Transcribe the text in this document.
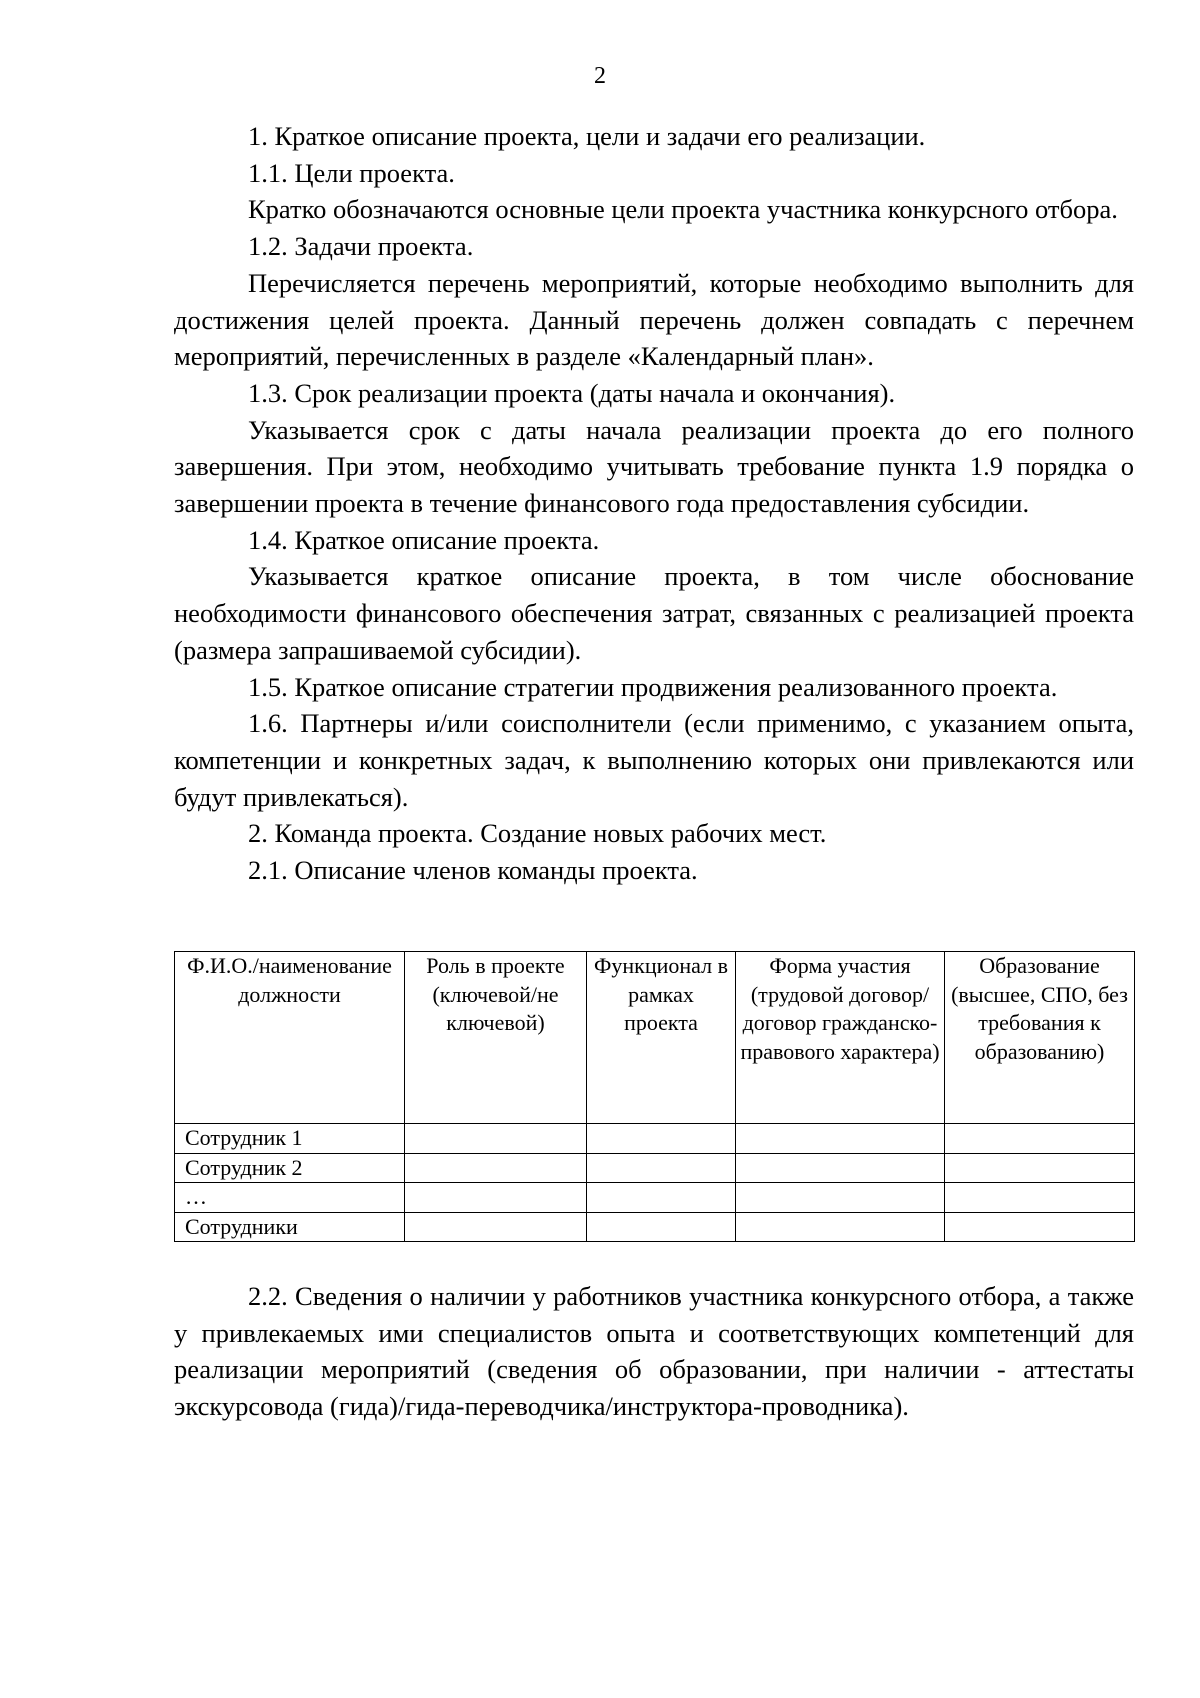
2

1. Краткое описание проекта, цели и задачи его реализации.

1.1. Цели проекта.

Кратко обозначаются основные цели проекта участника конкурсного отбора.

1.2. Задачи проекта.

Перечисляется перечень мероприятий, которые необходимо выполнить для достижения целей проекта. Данный перечень должен совпадать с перечнем мероприятий, перечисленных в разделе «Календарный план».

1.3. Срок реализации проекта (даты начала и окончания).

Указывается срок с даты начала реализации проекта до его полного завершения. При этом, необходимо учитывать требование пункта 1.9 порядка о завершении проекта в течение финансового года предоставления субсидии.

1.4. Краткое описание проекта.

Указывается краткое описание проекта, в том числе обоснование необходимости финансового обеспечения затрат, связанных с реализацией проекта (размера запрашиваемой субсидии).

1.5. Краткое описание стратегии продвижения реализованного проекта.

1.6. Партнеры и/или соисполнители (если применимо, с указанием опыта, компетенции и конкретных задач, к выполнению которых они привлекаются или будут привлекаться).

2. Команда проекта. Создание новых рабочих мест.

2.1. Описание членов команды проекта.

Ф.И.О./наименование должности	Роль в проекте (ключевой/не ключевой)	Функционал в рамках проекта	Форма участия (трудовой договор/договор гражданско-правового характера)	Образование (высшее, СПО, без требования к образованию)
Сотрудник 1				
Сотрудник 2				
…				
Сотрудники				

2.2. Сведения о наличии у работников участника конкурсного отбора, а также у привлекаемых ими специалистов опыта и соответствующих компетенций для реализации мероприятий (сведения об образовании, при наличии - аттестаты экскурсовода (гида)/гида-переводчика/инструктора-проводника).
